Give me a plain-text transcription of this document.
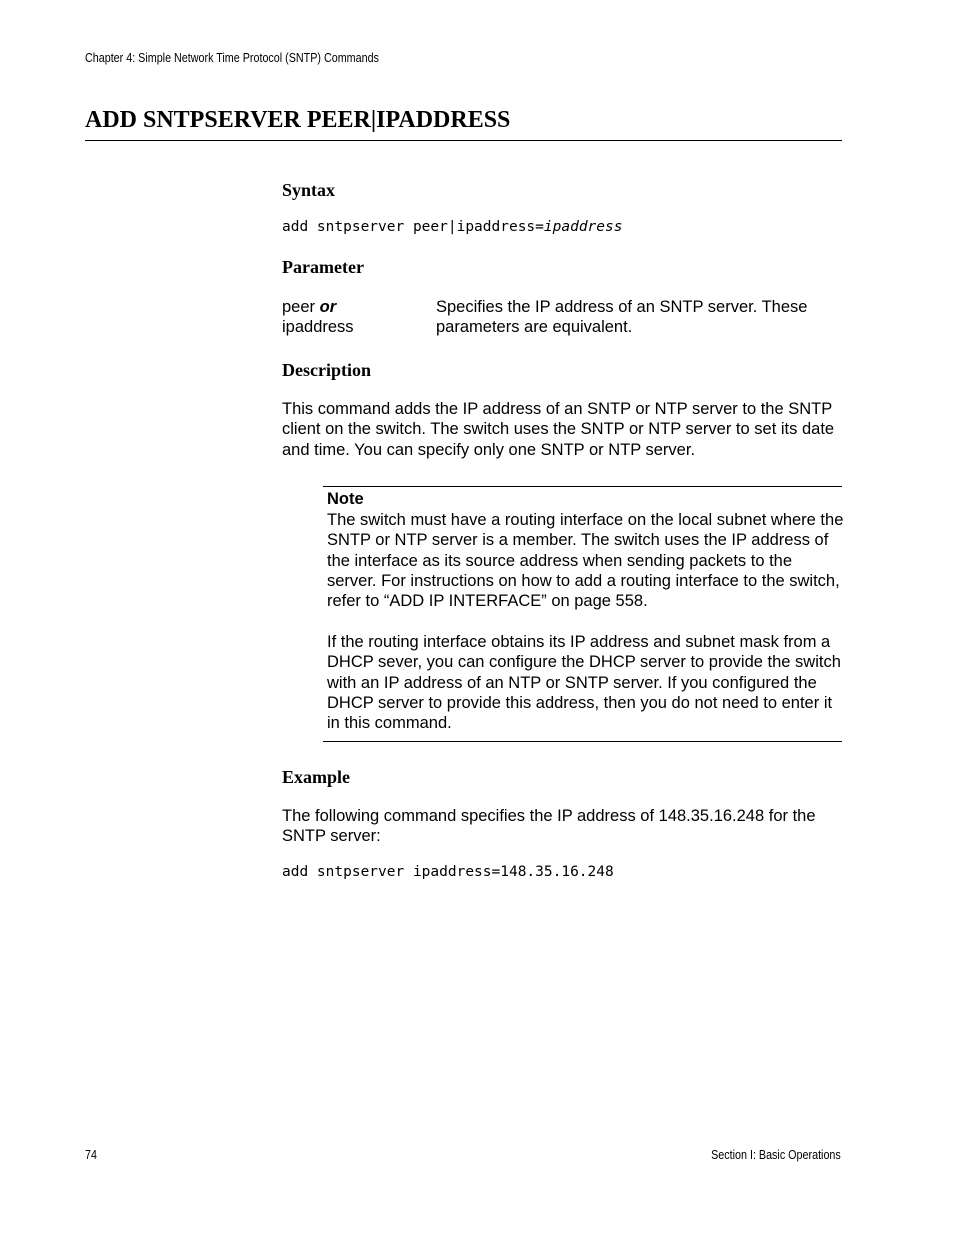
Chapter 4: Simple Network Time Protocol (SNTP) Commands
ADD SNTPSERVER PEER|IPADDRESS
Syntax
add sntpserver peer|ipaddress=ipaddress
Parameter
peer or
ipaddress
Specifies the IP address of an SNTP server. These parameters are equivalent.
Description
This command adds the IP address of an SNTP or NTP server to the SNTP client on the switch. The switch uses the SNTP or NTP server to set its date and time. You can specify only one SNTP or NTP server.
Note
The switch must have a routing interface on the local subnet where the SNTP or NTP server is a member. The switch uses the IP address of the interface as its source address when sending packets to the server. For instructions on how to add a routing interface to the switch, refer to “ADD IP INTERFACE” on page 558.
If the routing interface obtains its IP address and subnet mask from a DHCP sever, you can configure the DHCP server to provide the switch with an IP address of an NTP or SNTP server. If you configured the DHCP server to provide this address, then you do not need to enter it in this command.
Example
The following command specifies the IP address of 148.35.16.248 for the SNTP server:
add sntpserver ipaddress=148.35.16.248
74	Section I: Basic Operations
